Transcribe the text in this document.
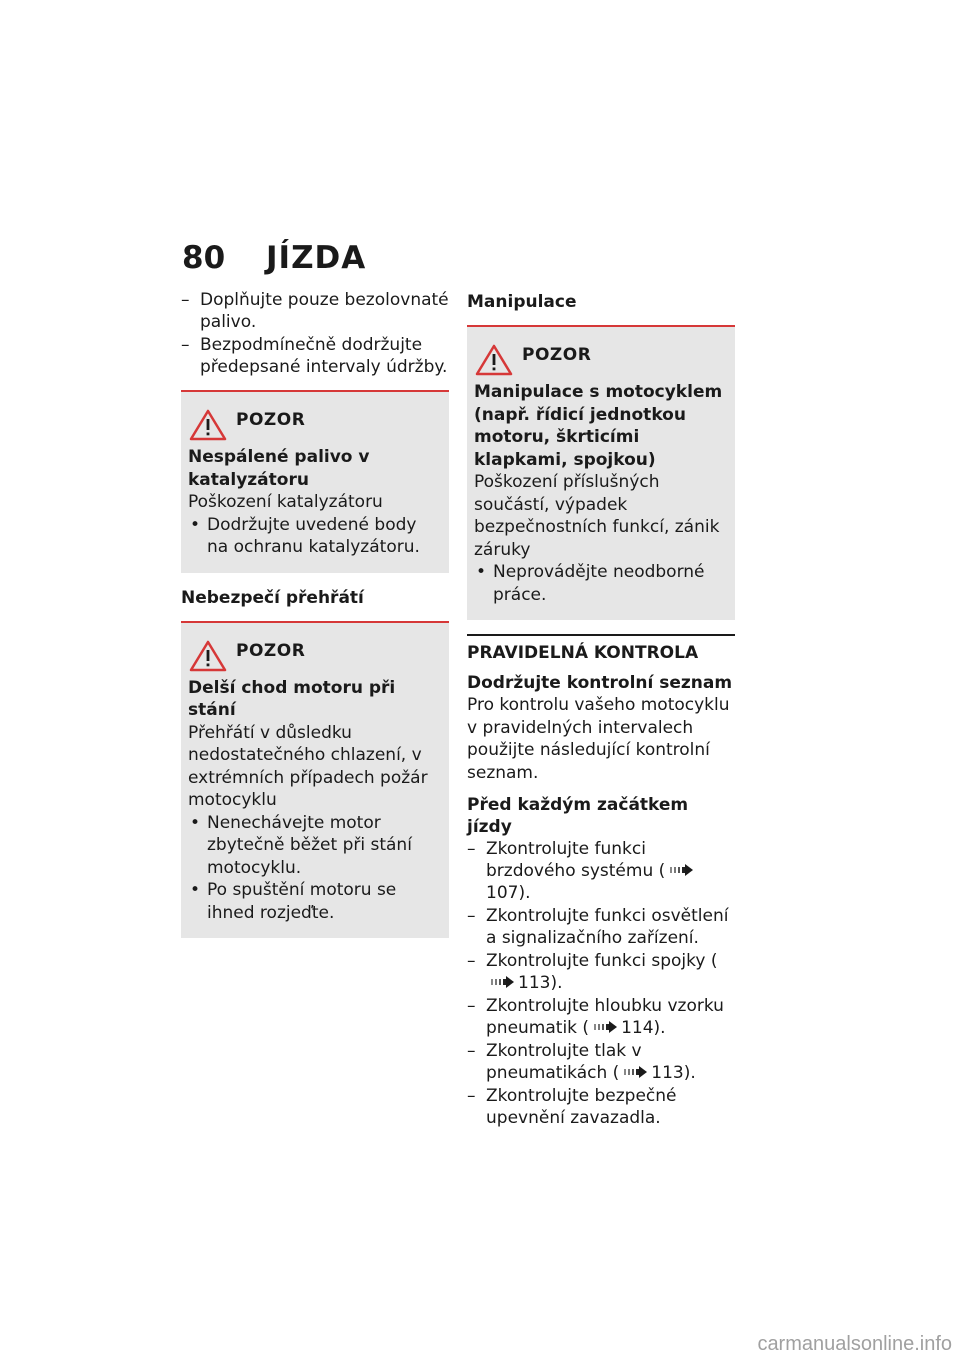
80 JÍZDA
– Doplňujte pouze bezolovnaté palivo.
– Bezpodmínečně dodržujte předepsané intervaly údržby.
POZOR
Nespálené palivo v katalyzátoru
Poškození katalyzátoru
• Dodržujte uvedené body na ochranu katalyzátoru.
Nebezpečí přehřátí
POZOR
Delší chod motoru při stání
Přehřátí v důsledku nedostatečného chlazení, v extrémních případech požár motocyklu
• Nenechávejte motor zbytečně běžet při stání motocyklu.
• Po spuštění motoru se ihned rozjeďte.
Manipulace
POZOR
Manipulace s motocyklem (např. řídicí jednotkou motoru, škrticími klapkami, spojkou)
Poškození příslušných součástí, výpadek bezpečnostních funkcí, zánik záruky
• Neprovádějte neodborné práce.
PRAVIDELNÁ KONTROLA
Dodržujte kontrolní seznam
Pro kontrolu vašeho motocyklu v pravidelných intervalech použijte následující kontrolní seznam.
Před každým začátkem jízdy
– Zkontrolujte funkci brzdového systému (107).
– Zkontrolujte funkci osvětlení a signalizačního zařízení.
– Zkontrolujte funkci spojky (113).
– Zkontrolujte hloubku vzorku pneumatik ( 114).
– Zkontrolujte tlak v pneumatikách ( 113).
– Zkontrolujte bezpečné upevnění zavazadla.
carmanualsonline.info
